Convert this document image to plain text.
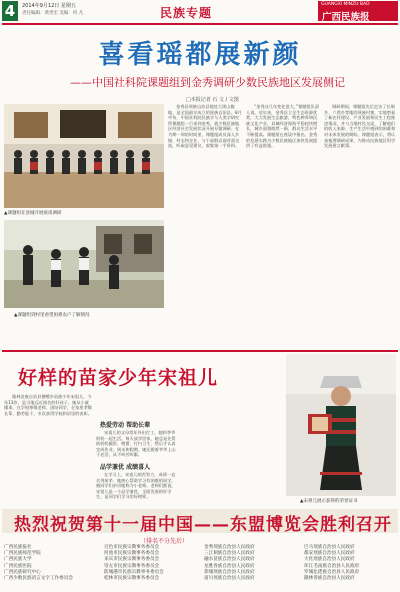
4	2014年9月12日 星期五
责任编辑：黄世宏 美编：何 凡	民族专题
GUANGXI MINZU BAO
广西民族报
喜看瑶都展新颜
——中国社科院课题组到金秀调研少数民族地区发展侧记
□本报记者 石 文 / 文图
▲课题组在县城开展座谈调研
▲课题组到村里看望困难农户了解情况

金秀县瑶族自治县地处大瑶山腹地，是全国最早成立的瑶族自治县。8月中旬，中国社科院民族学与人类学研究所课题组一行来到金秀，就少数民族地区经济社会发展状况开展专题调研。在为期一周的时间里，课题组成员深入乡镇、村屯和企业，与干部群众面对面交流，听取意见建议，收集第一手资料。

“金秀这几年变化很大，”课题组负责人说。近年来，金秀县立足生态资源优势，大力发展生态旅游、特色种养和民族文化产业，县域经济保持平稳较快增长，城乡面貌焕然一新，群众生活水平不断提高。课题组在座谈中指出，金秀的发展实践为少数民族地区加快发展提供了有益借鉴。

调研期间，课题组先后走访了长垌乡、六巷乡等地的瑶族村寨，实地察看了新农村建设、产业发展和民生工程推进情况，并与当地村民交谈，了解他们的收入来源、生产生活中遇到的困难和对未来发展的期盼。课题组表示，将认真梳理调研成果，为推动民族地区科学发展建言献策。

好样的苗家少年宋祖儿

隆林各族自治县德峨乡苗族少年宋祖儿，今年13岁，是当地远近闻名的好孩子。她从小就懂事，在学校尊敬老师、团结同学，在家里孝敬长辈、勤劳能干，多次获得学校和县里的表彰。

热爱劳动 帮助长辈

宋祖儿的父母常年外出打工，她和爷爷奶奶一起生活。每天放学回家，她总是先帮助奶奶做饭、喂猪、打扫卫生，然后才认真完成作业。周末和假期，她还跟着爷爷上山干农活，从不叫苦叫累。

品学兼优 成绩喜人

在学习上，宋祖儿刻苦努力，成绩一直名列前茅。她热心帮助学习有困难的同学，被同学们亲切地称为小老师。老师们都说，宋祖儿是一个品学兼优、全面发展的好学生，是同学们学习的好榜样。

▲宋祖儿展示获得的荣誉证书
热烈祝贺第十一届中国——东盟博览会胜利召开
（排名不分先后）
广西民族报社
广西民族师范学院
广西民族大学
广西民族医院
广西民族研究中心
广西少数民族语言文字工作委员会
百色市民族宗教事务委员会
河池市民族宗教事务委员会
来宾市民族宗教事务委员会
崇左市民族宗教事务委员会
防城港市民族宗教事务委员会
桂林市民族宗教事务委员会
金秀瑶族自治县人民政府
三江侗族自治县人民政府
融水苗族自治县人民政府
龙胜各族自治县人民政府
恭城瑶族自治县人民政府
富川瑶族自治县人民政府
巴马瑶族自治县人民政府
都安瑶族自治县人民政府
大化瑶族自治县人民政府
环江毛南族自治县人民政府
罗城仫佬族自治县人民政府
隆林各族自治县人民政府
